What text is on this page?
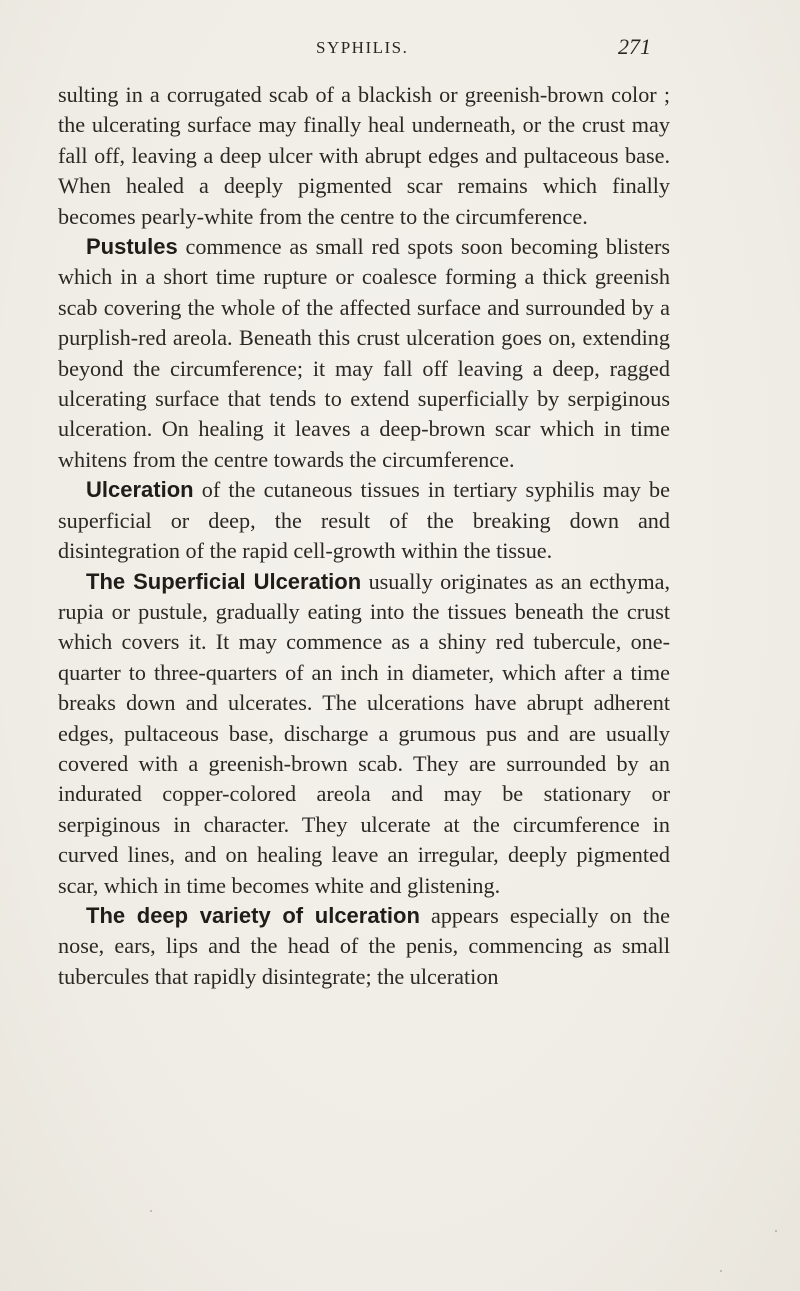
SYPHILIS.	271

sulting in a corrugated scab of a blackish or greenish-brown color ; the ulcerating surface may finally heal underneath, or the crust may fall off, leaving a deep ulcer with abrupt edges and pultaceous base. When healed a deeply pigmented scar remains which finally becomes pearly-white from the centre to the circumference.

Pustules commence as small red spots soon becoming blisters which in a short time rupture or coalesce forming a thick greenish scab covering the whole of the affected surface and surrounded by a purplish-red areola. Beneath this crust ulceration goes on, extending beyond the circumference; it may fall off leaving a deep, ragged ulcerating surface that tends to extend superficially by serpiginous ulceration. On healing it leaves a deep-brown scar which in time whitens from the centre towards the circumference.

Ulceration of the cutaneous tissues in tertiary syphilis may be superficial or deep, the result of the breaking down and disintegration of the rapid cell-growth within the tissue.

The Superficial Ulceration usually originates as an ecthyma, rupia or pustule, gradually eating into the tissues beneath the crust which covers it. It may commence as a shiny red tubercule, one-quarter to three-quarters of an inch in diameter, which after a time breaks down and ulcerates. The ulcerations have abrupt adherent edges, pultaceous base, discharge a grumous pus and are usually covered with a greenish-brown scab. They are surrounded by an indurated copper-colored areola and may be stationary or serpiginous in character. They ulcerate at the circumference in curved lines, and on healing leave an irregular, deeply pigmented scar, which in time becomes white and glistening.

The deep variety of ulceration appears especially on the nose, ears, lips and the head of the penis, commencing as small tubercules that rapidly disintegrate; the ulceration
